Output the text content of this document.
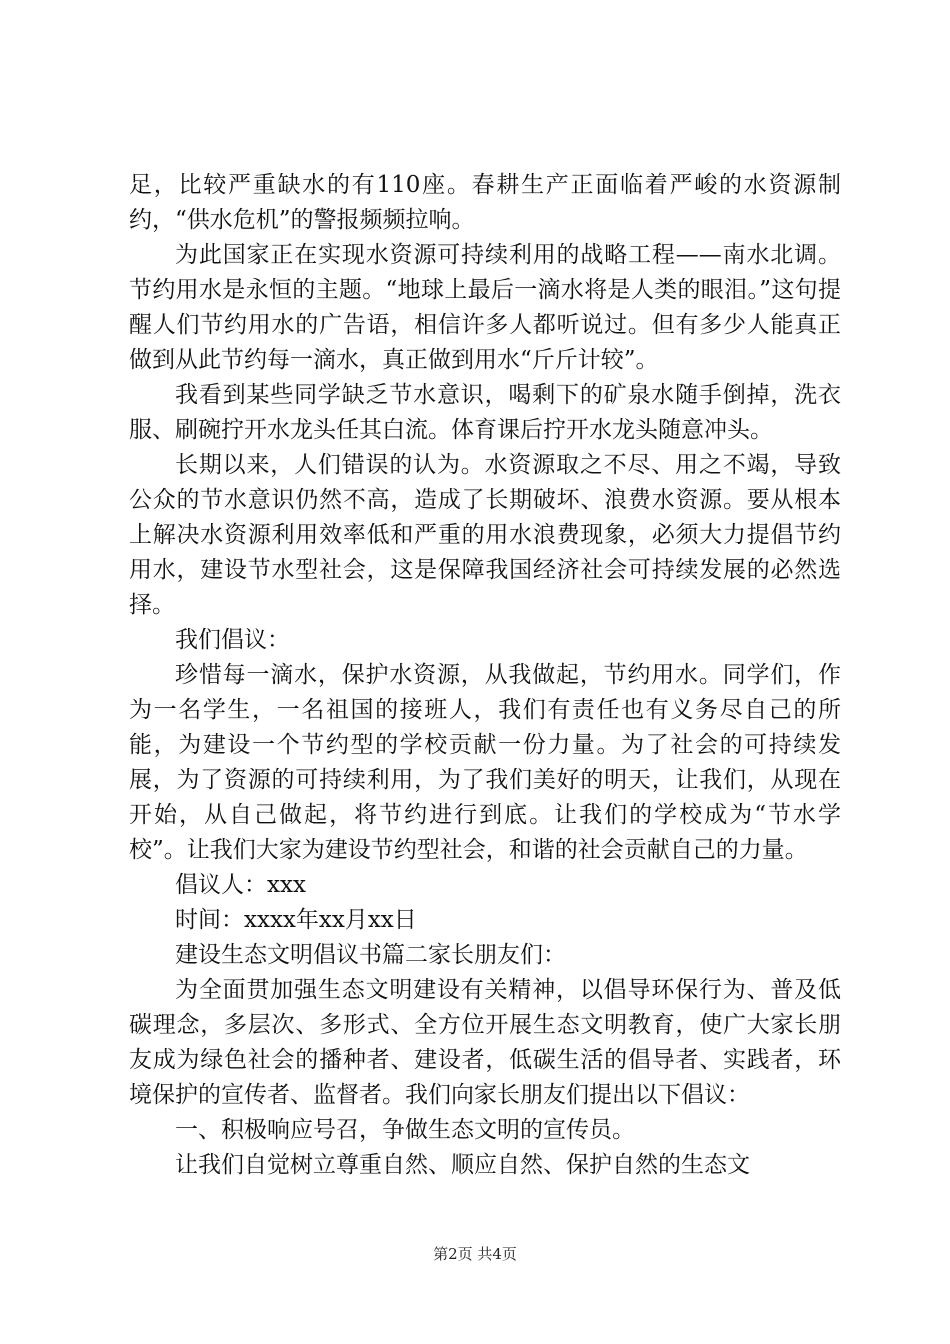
足，比较严重缺水的有110座。春耕生产正面临着严峻的水资源制约，“供水危机”的警报频频拉响。

为此国家正在实现水资源可持续利用的战略工程——南水北调。节约用水是永恒的主题。“地球上最后一滴水将是人类的眼泪。”这句提醒人们节约用水的广告语，相信许多人都听说过。但有多少人能真正做到从此节约每一滴水，真正做到用水“斤斤计较”。

我看到某些同学缺乏节水意识，喝剩下的矿泉水随手倒掉，洗衣服、刷碗拧开水龙头任其白流。体育课后拧开水龙头随意冲头。

长期以来，人们错误的认为。水资源取之不尽、用之不竭，导致公众的节水意识仍然不高，造成了长期破坏、浪费水资源。要从根本上解决水资源利用效率低和严重的用水浪费现象，必须大力提倡节约用水，建设节水型社会，这是保障我国经济社会可持续发展的必然选择。

我们倡议：

珍惜每一滴水，保护水资源，从我做起，节约用水。同学们，作为一名学生，一名祖国的接班人，我们有责任也有义务尽自己的所能，为建设一个节约型的学校贡献一份力量。为了社会的可持续发展，为了资源的可持续利用，为了我们美好的明天，让我们，从现在开始，从自己做起，将节约进行到底。让我们的学校成为“节水学校”。让我们大家为建设节约型社会，和谐的社会贡献自己的力量。

倡议人：xxx

时间：xxxx年xx月xx日

建设生态文明倡议书篇二家长朋友们：

为全面贯加强生态文明建设有关精神，以倡导环保行为、普及低碳理念，多层次、多形式、全方位开展生态文明教育，使广大家长朋友成为绿色社会的播种者、建设者，低碳生活的倡导者、实践者，环境保护的宣传者、监督者。我们向家长朋友们提出以下倡议：

一、积极响应号召，争做生态文明的宣传员。

让我们自觉树立尊重自然、顺应自然、保护自然的生态文

第2页 共4页
